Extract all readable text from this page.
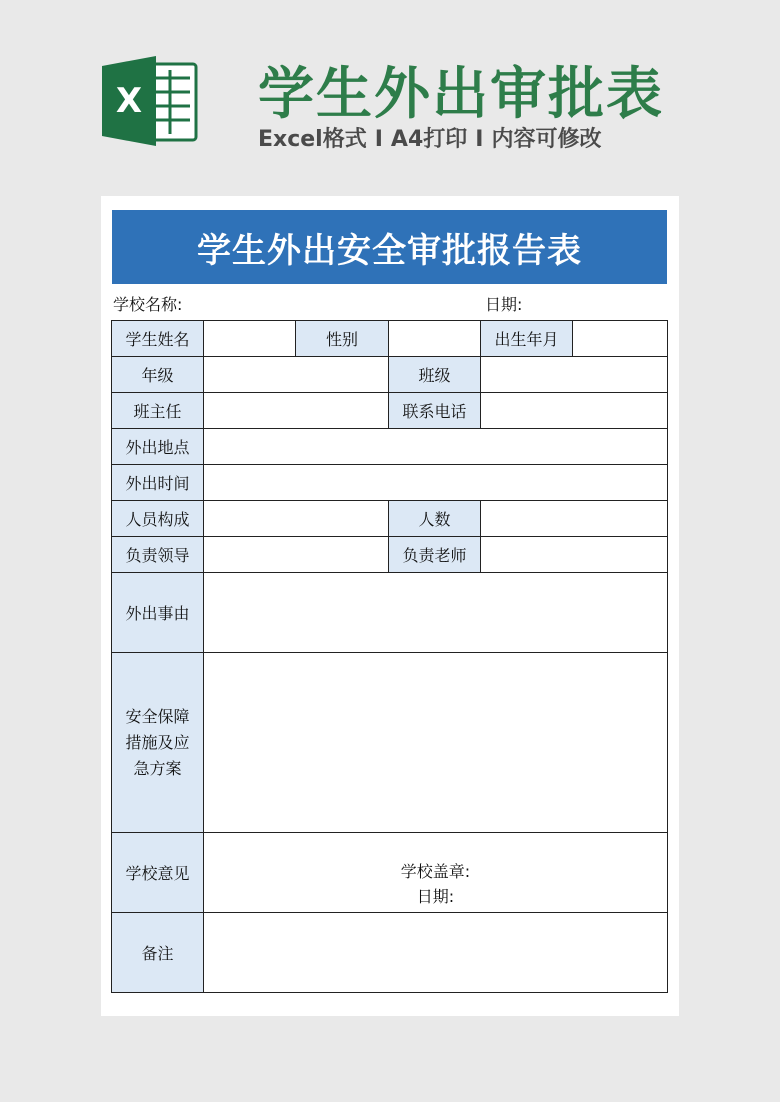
X 学生外出审批表
Excel格式 I A4打印 I 内容可修改
学生外出安全审批报告表
学校名称:	日期:
学生姓名		性别		出生年月	
年级			班级		
班主任			联系电话		
外出地点					
外出时间					
人员构成			人数		
负责领导			负责老师		
外出事由					
安全保障
措施及应
急方案					
学校意见	学校盖章:
日期:				

备注					
